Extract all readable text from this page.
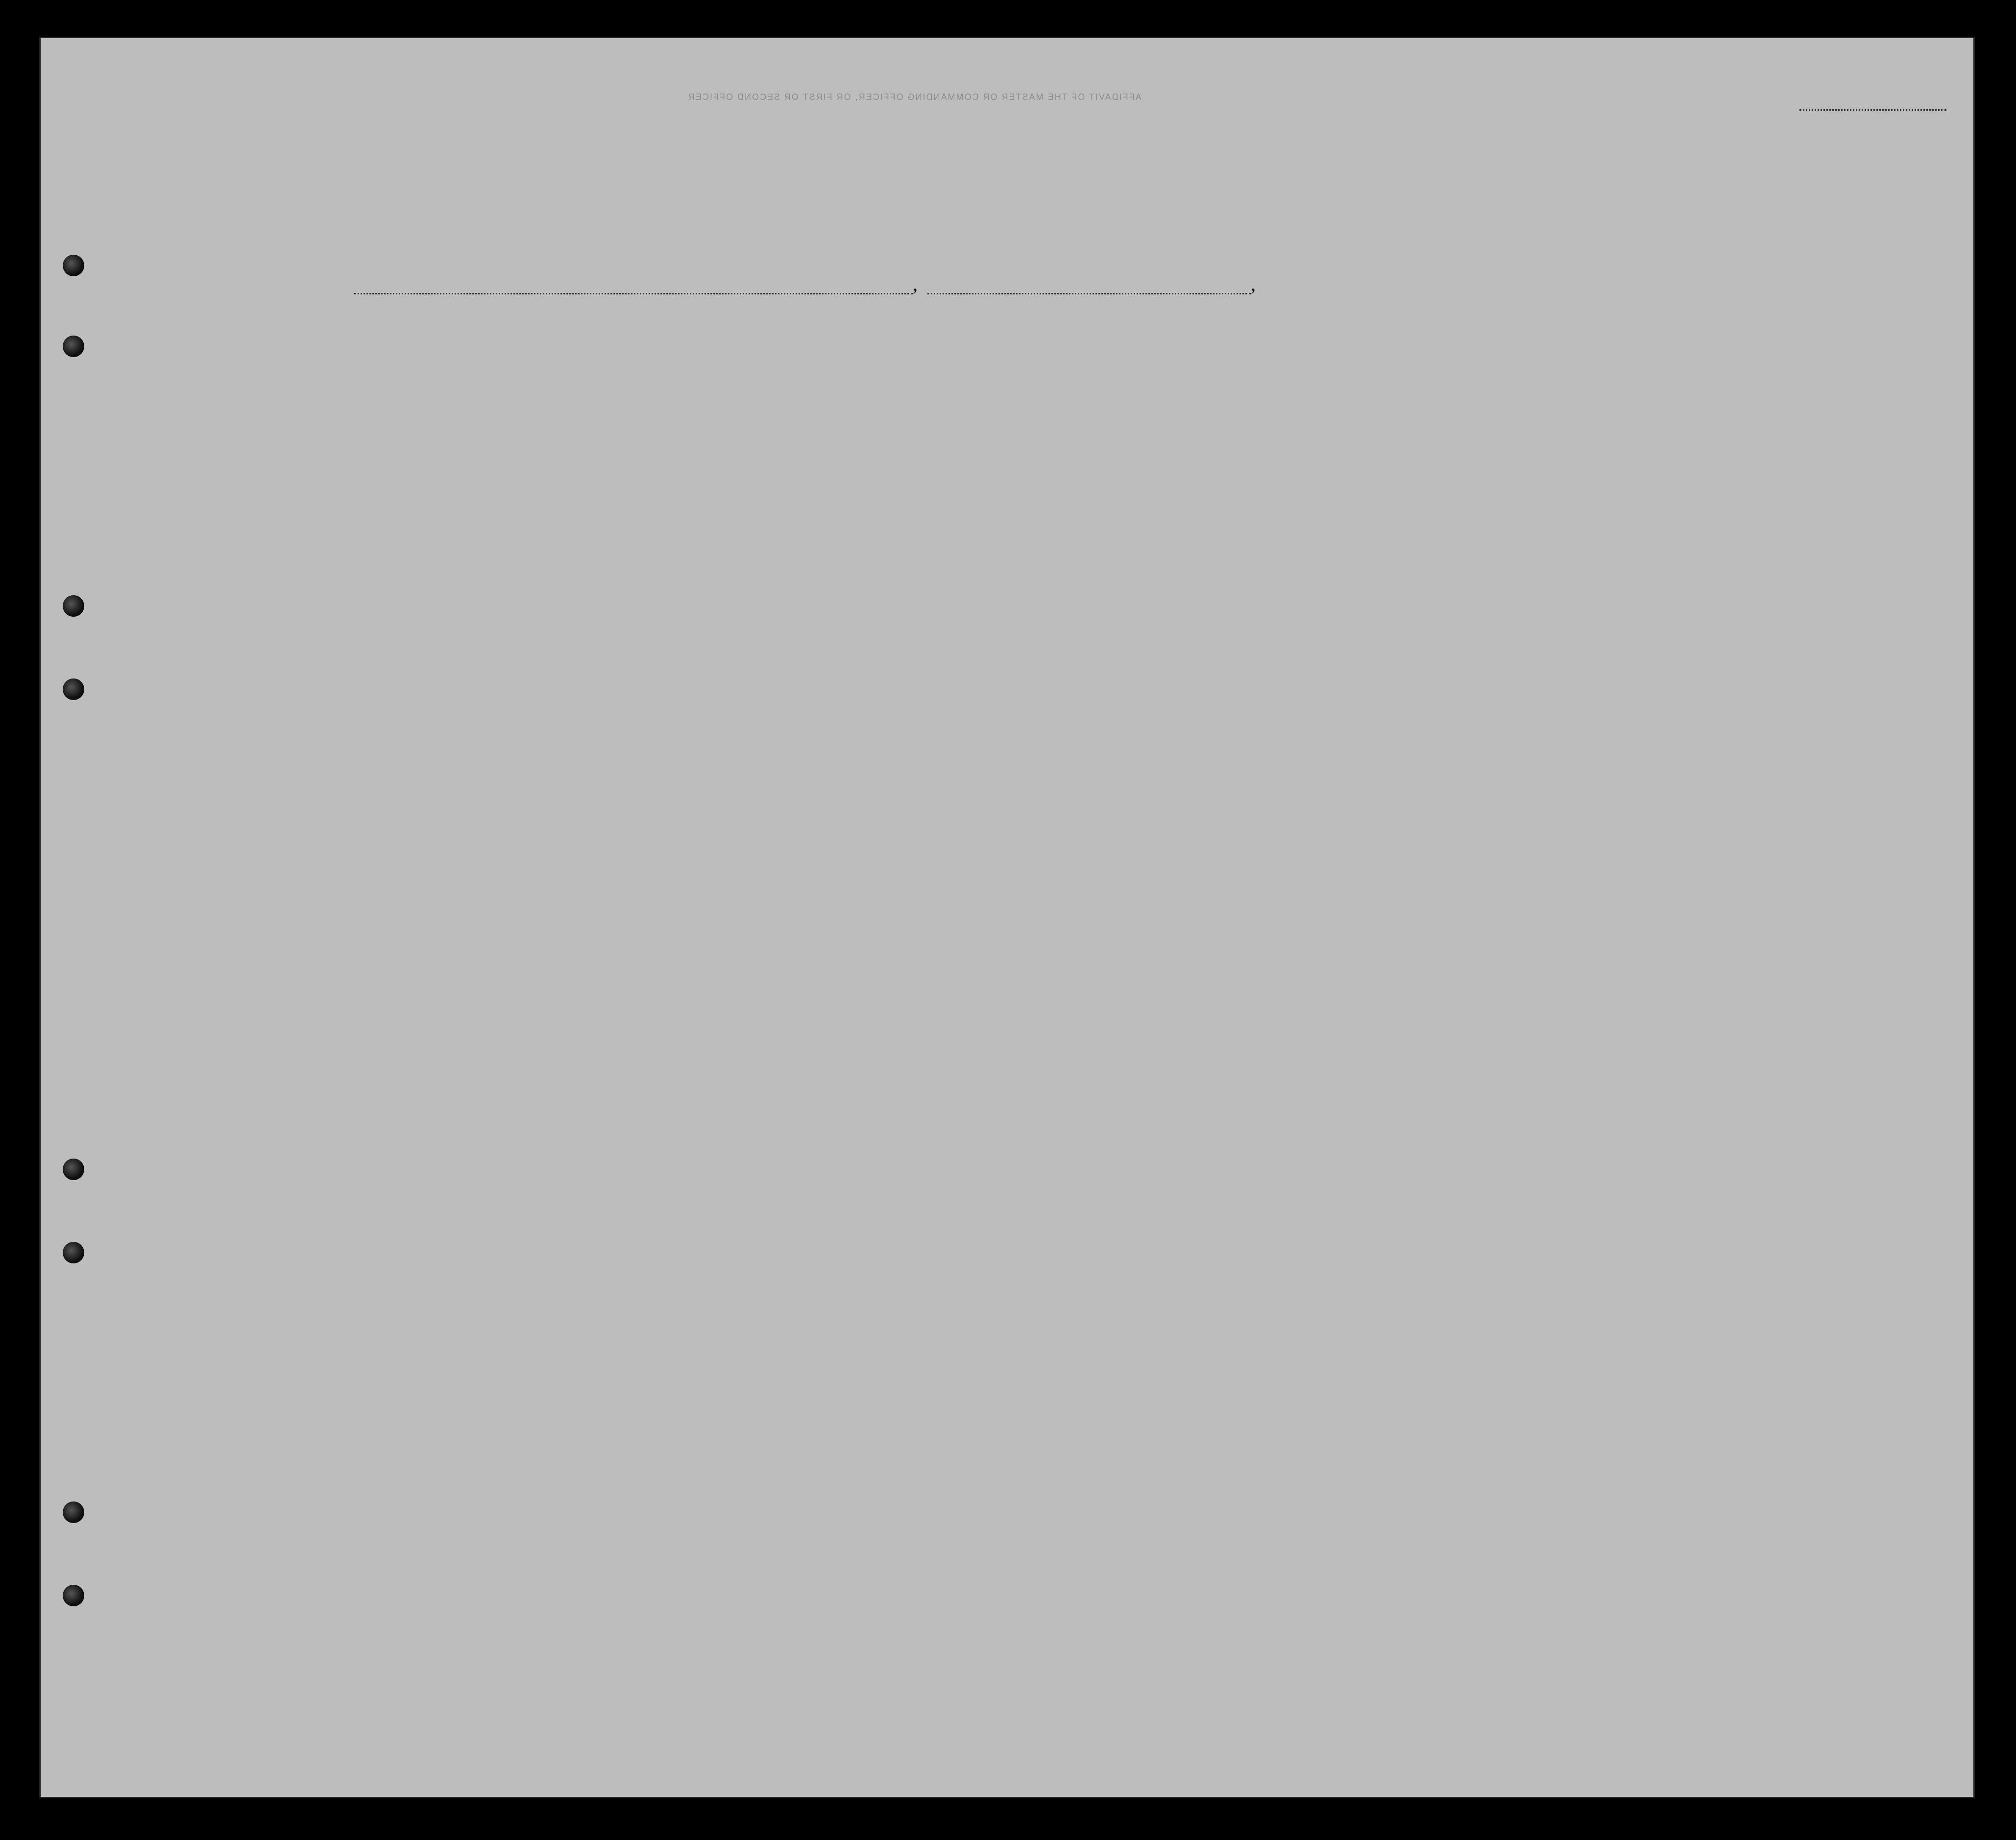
AFFIDAVIT OF THE MASTER OR COMMANDING OFFICER, OR FIRST OR SECOND OFFICER

,	,
